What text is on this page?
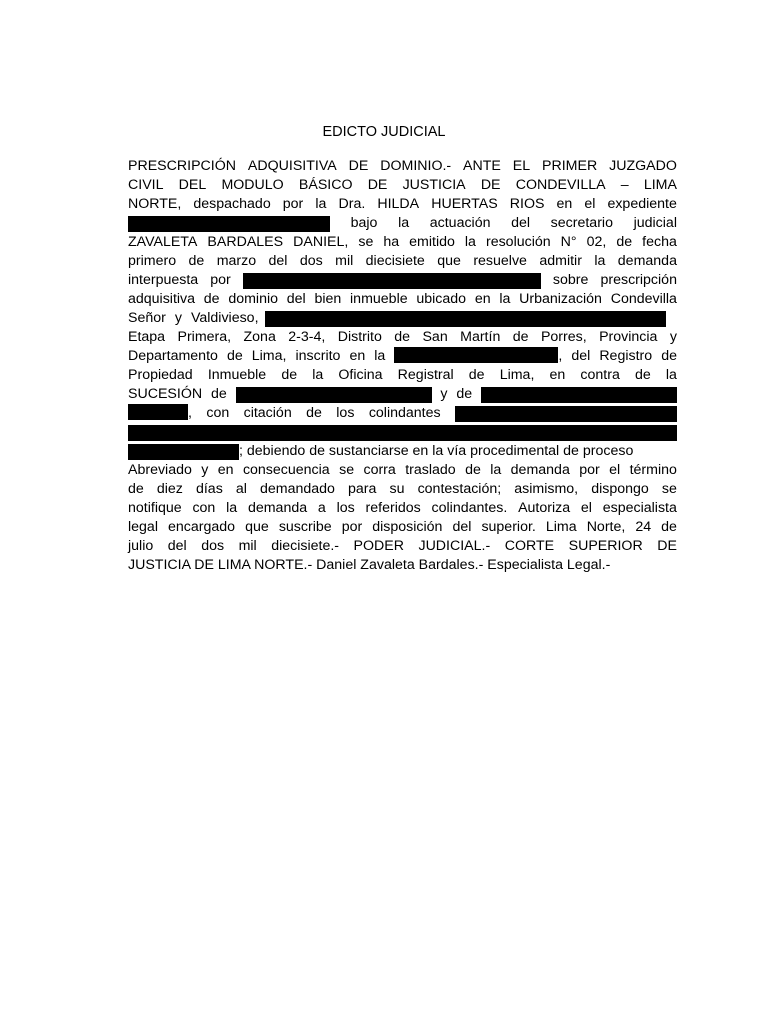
EDICTO JUDICIAL
PRESCRIPCIÓN ADQUISITIVA DE DOMINIO.- ANTE EL PRIMER JUZGADO
CIVIL DEL MODULO BÁSICO DE JUSTICIA DE CONDEVILLA – LIMA
NORTE, despachado por la Dra. HILDA HUERTAS RIOS en el expediente
bajo la actuación del secretario judicial
ZAVALETA BARDALES DANIEL, se ha emitido la resolución N° 02, de fecha
primero de marzo del dos mil diecisiete que resuelve admitir la demanda
interpuesta por	sobre prescripción
adquisitiva de dominio del bien inmueble ubicado en la Urbanización Condevilla
Señor y Valdivieso,
Etapa Primera, Zona 2-3-4, Distrito de San Martín de Porres, Provincia y
Departamento de Lima, inscrito en la	, del Registro de
Propiedad Inmueble de la Oficina Registral de Lima, en contra de la
SUCESIÓN de	y de
, con citación de los colindantes
; debiendo de sustanciarse en la vía procedimental de proceso
Abreviado y en consecuencia se corra traslado de la demanda por el término
de diez días al demandado para su contestación; asimismo, dispongo se
notifique con la demanda a los referidos colindantes. Autoriza el especialista
legal encargado que suscribe por disposición del superior. Lima Norte, 24 de
julio del dos mil diecisiete.- PODER JUDICIAL.- CORTE SUPERIOR DE
JUSTICIA DE LIMA NORTE.- Daniel Zavaleta Bardales.- Especialista Legal.-
